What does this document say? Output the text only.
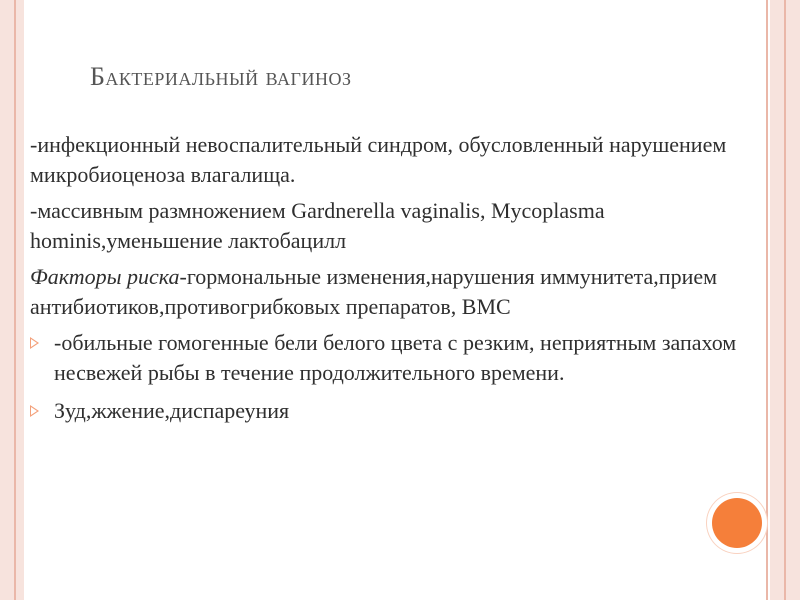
Бактериальный вагиноз

-инфекционный невоспалительный синдром, обусловленный нарушением микробиоценоза влагалища.

-массивным размножением Gardnerella vaginalis, Mycoplasma hominis,уменьшение лактобацилл

Факторы риска-гормональные изменения,нарушения иммунитета,прием антибиотиков,противогрибковых препаратов, ВМС

-обильные гомогенные бели белого цвета с резким, неприятным запахом несвежей рыбы в течение продолжительного времени.
Зуд,жжение,диспареуния
